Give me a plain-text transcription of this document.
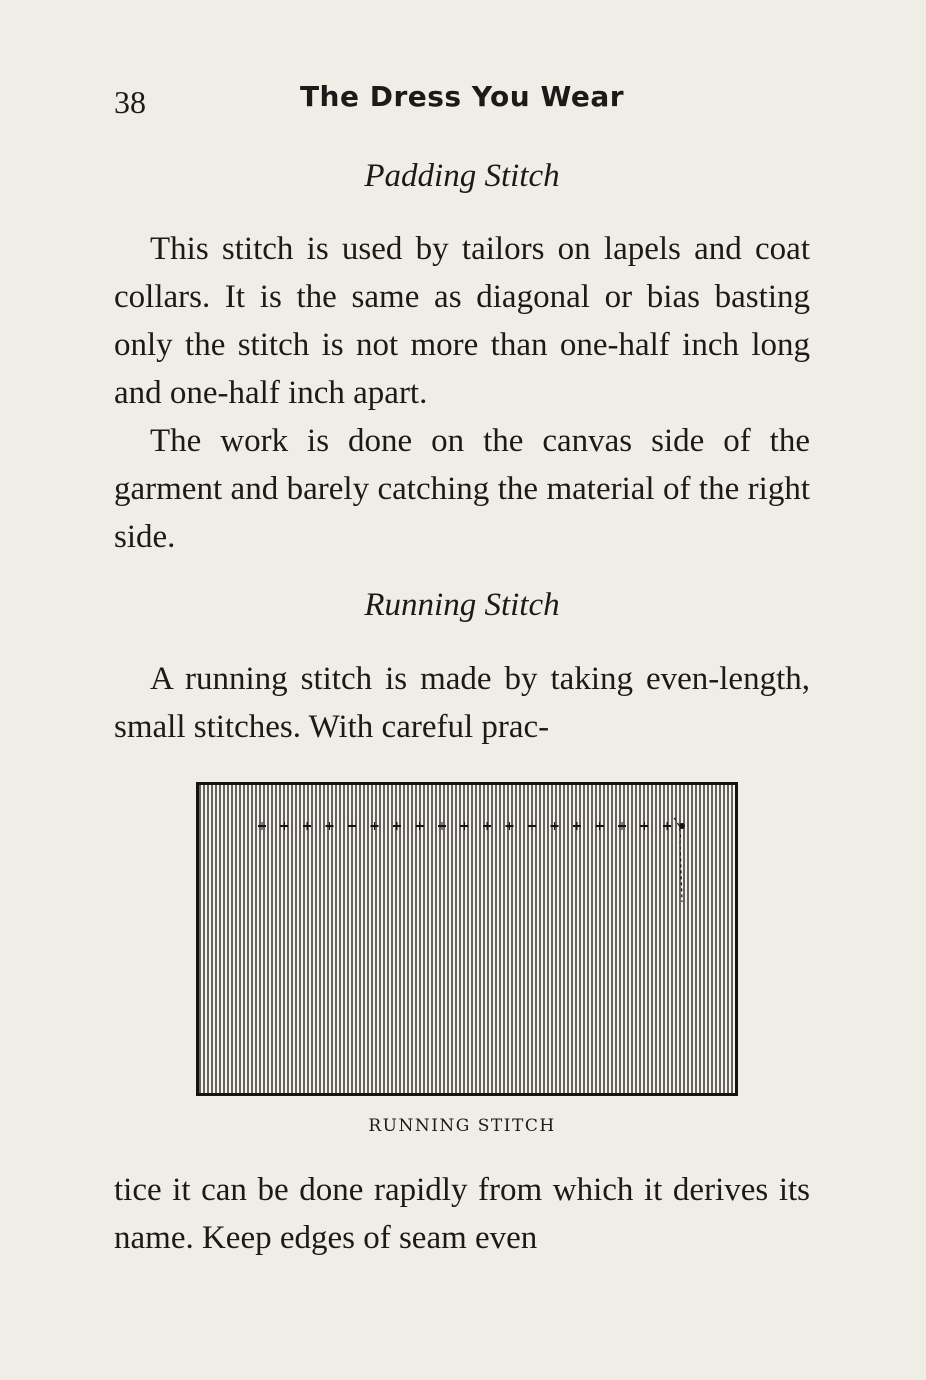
38	The Dress You Wear
Padding Stitch

This stitch is used by tailors on lapels and coat collars. It is the same as diagonal or bias basting only the stitch is not more than one-half inch long and one-half inch apart.

The work is done on the canvas side of the garment and barely catching the material of the right side.

Running Stitch

A running stitch is made by taking even-length, small stitches. With careful prac-

RUNNING STITCH

tice it can be done rapidly from which it derives its name. Keep edges of seam even
